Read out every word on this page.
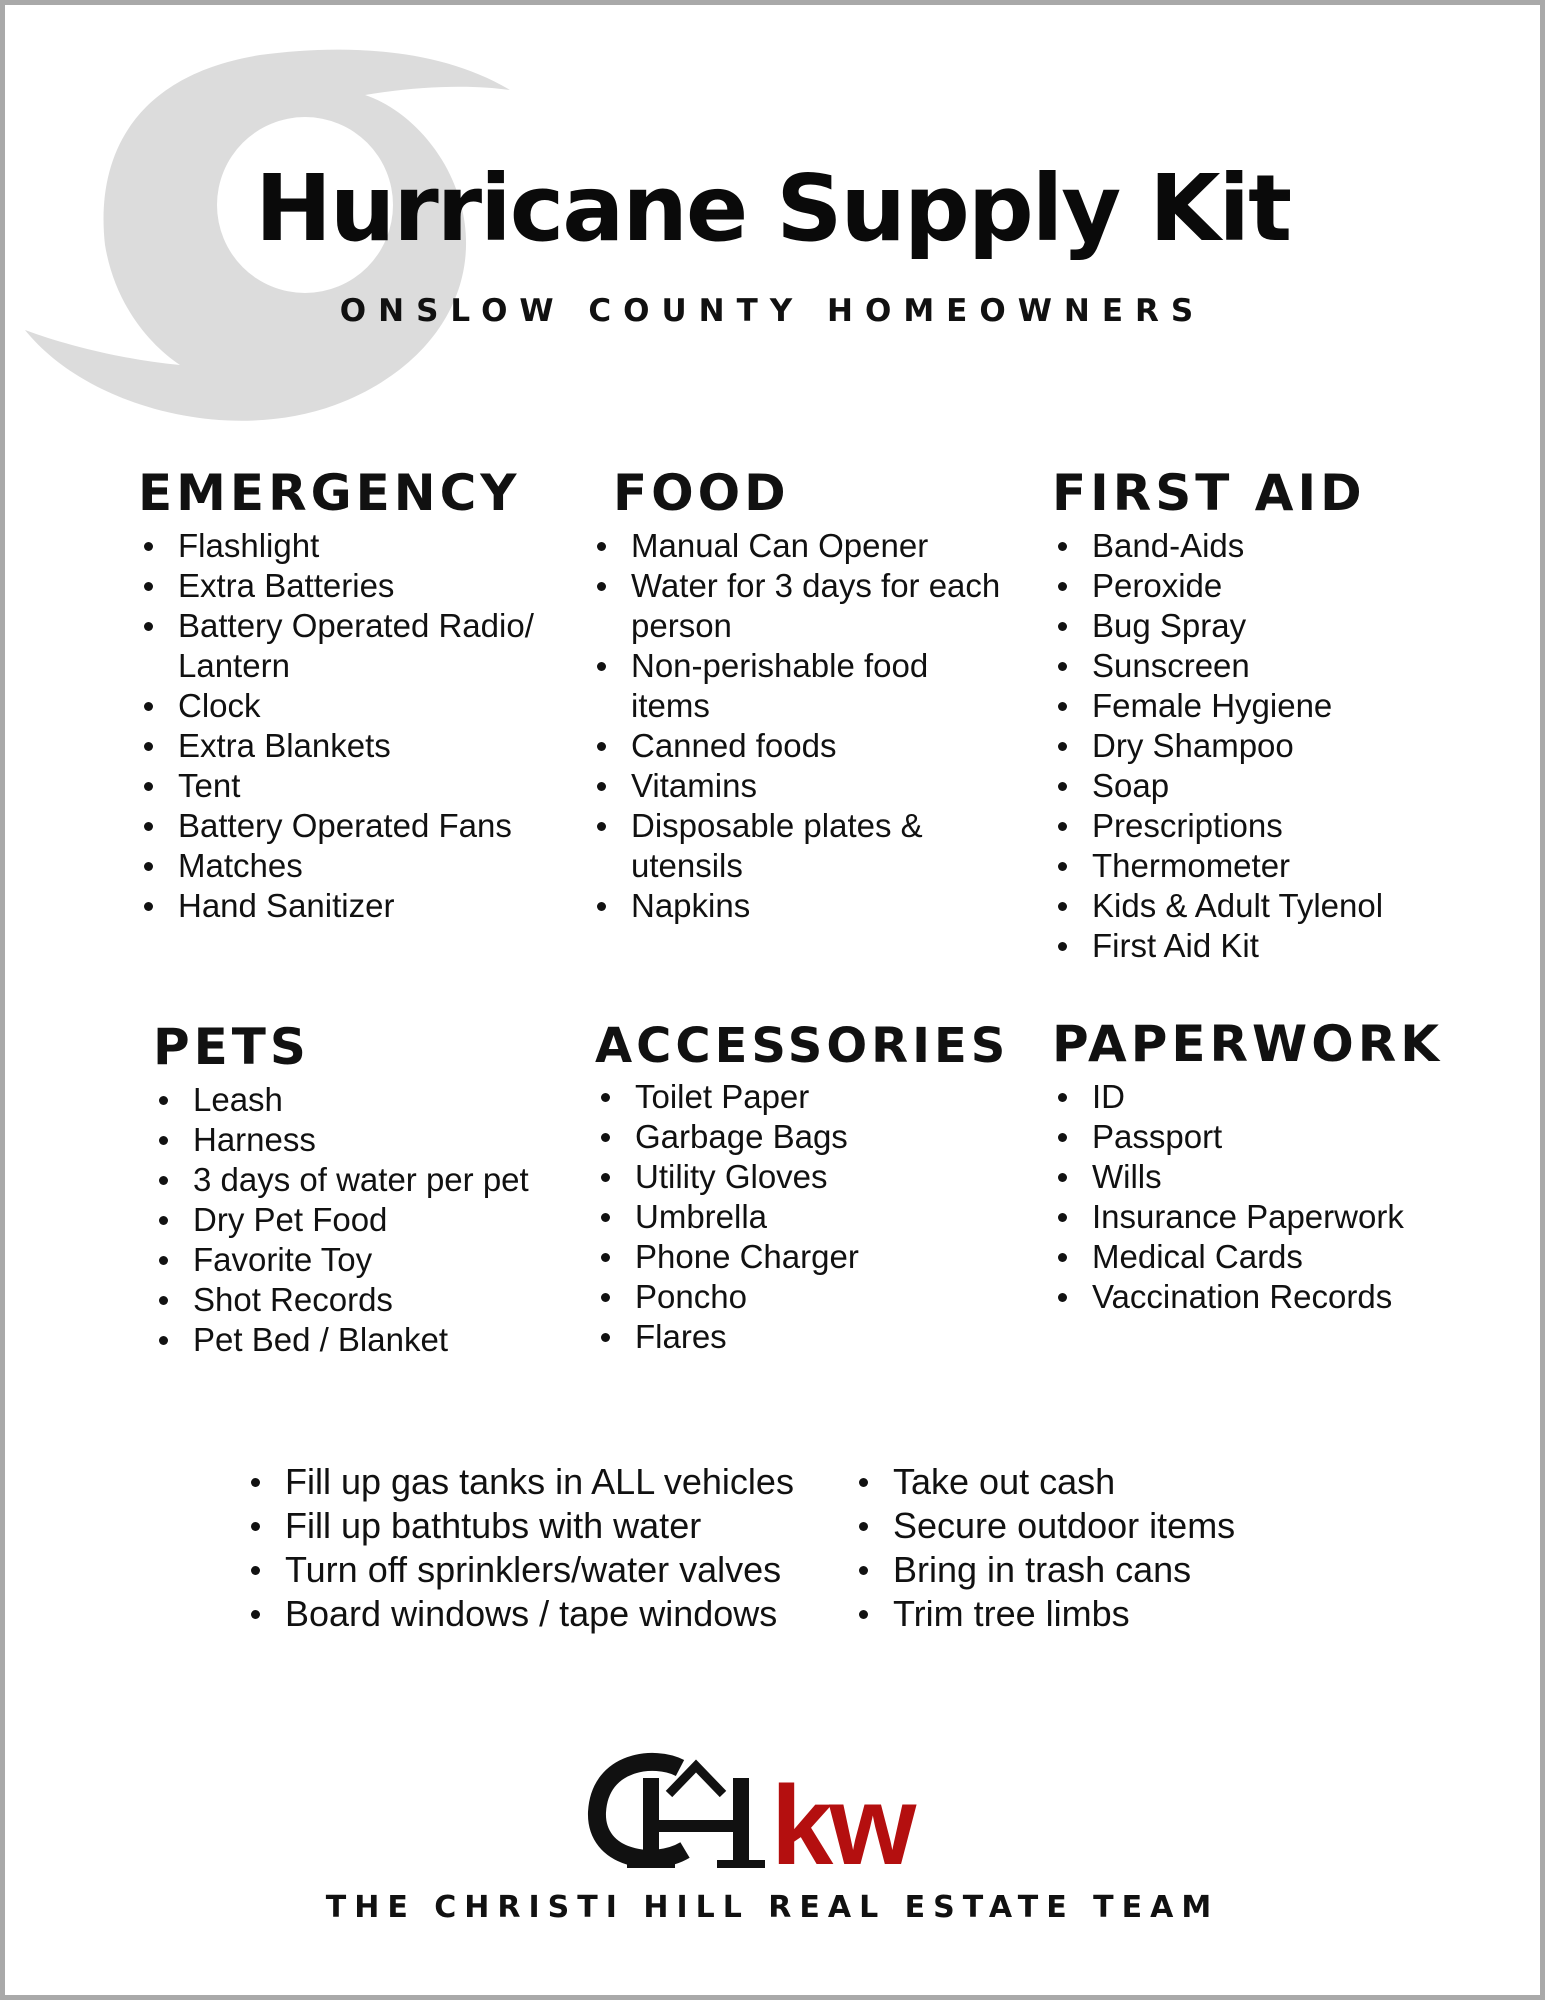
Hurricane Supply Kit
ONSLOW COUNTY HOMEOWNERS
EMERGENCY
Flashlight
Extra Batteries
Battery Operated Radio/ Lantern
Clock
Extra Blankets
Tent
Battery Operated Fans
Matches
Hand Sanitizer
FOOD
Manual Can Opener
Water for 3 days for each person
Non-perishable food items
Canned foods
Vitamins
Disposable plates & utensils
Napkins
FIRST AID
Band-Aids
Peroxide
Bug Spray
Sunscreen
Female Hygiene
Dry Shampoo
Soap
Prescriptions
Thermometer
Kids & Adult Tylenol
First Aid Kit
PETS
Leash
Harness
3 days of water per pet
Dry Pet Food
Favorite Toy
Shot Records
Pet Bed / Blanket
ACCESSORIES
Toilet Paper
Garbage Bags
Utility Gloves
Umbrella
Phone Charger
Poncho
Flares
PAPERWORK
ID
Passport
Wills
Insurance Paperwork
Medical Cards
Vaccination Records
Fill up gas tanks in ALL vehicles
Fill up bathtubs with water
Turn off sprinklers/water valves
Board windows / tape windows
Take out cash
Secure outdoor items
Bring in trash cans
Trim tree limbs
kw
THE CHRISTI HILL REAL ESTATE TEAM
